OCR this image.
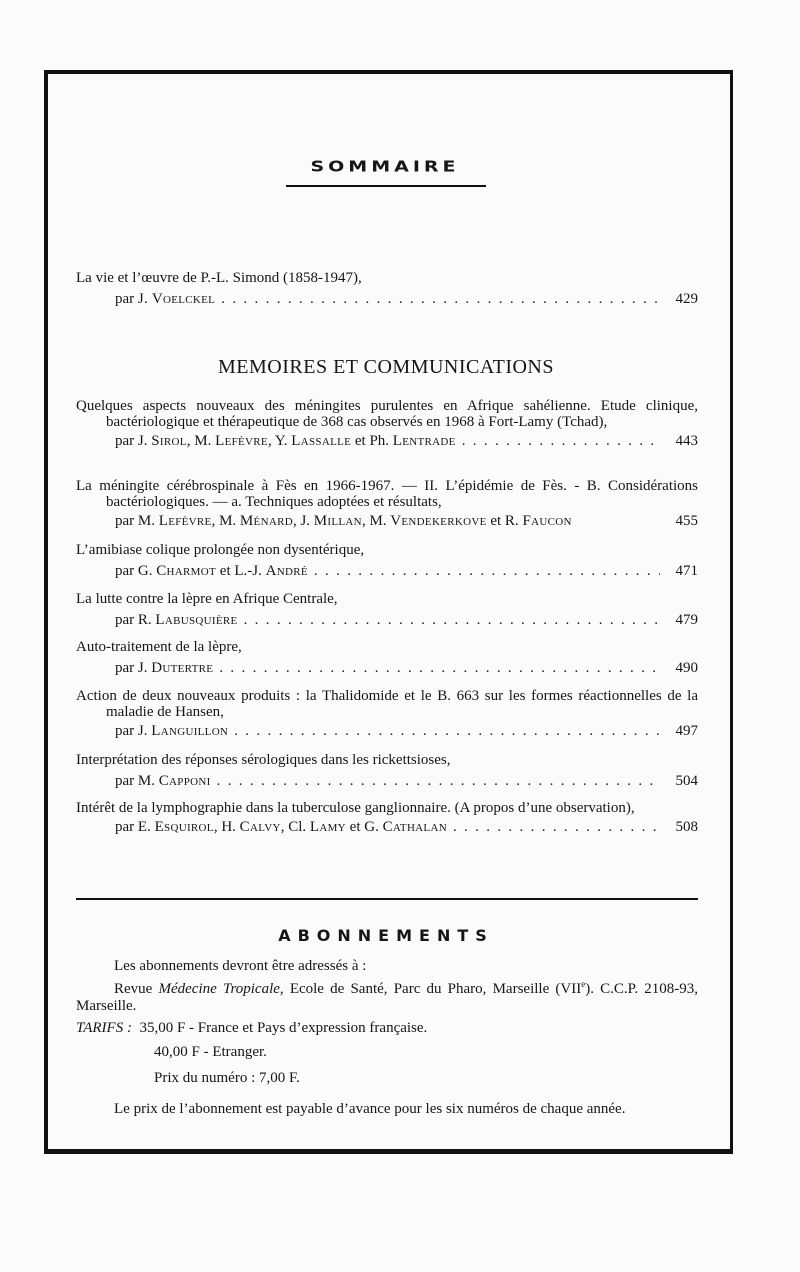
SOMMAIRE
La vie et l’œuvre de P.-L. Simond (1858-1947),
par
J. Voelckel . . .	429
MEMOIRES ET COMMUNICATIONS
Quelques aspects nouveaux des méningites purulentes en Afrique sahélienne. Etude clinique, bactériologique et thérapeutique de 368 cas observés en 1968 à Fort-Lamy (Tchad),
par
J. Sirol, M. Lefèvre, Y. Lassalle et Ph. Lentrade . . .	443
La méningite cérébrospinale à Fès en 1966-1967. — II. L’épidémie de Fès. - B. Considérations bactériologiques. — a. Techniques adoptées et résultats,
par
M. Lefèvre, M. Ménard, J. Millan, M. Vendekerkove et R. Faucon	455
L’amibiase colique prolongée non dysentérique,
par
G. Charmot et L.-J. André . . .	471
La lutte contre la lèpre en Afrique Centrale,
par
R. Labusquière . . .	479
Auto-traitement de la lèpre,
par
J. Dutertre . . .	490
Action de deux nouveaux produits : la Thalidomide et le B. 663 sur les formes réactionnelles de la maladie de Hansen,
par
J. Languillon . . .	497
Interprétation des réponses sérologiques dans les rickettsioses,
par
M. Capponi . . .	504
Intérêt de la lymphographie dans la tuberculose ganglionnaire. (A propos d’une observation),
par
E. Esquirol, H. Calvy, Cl. Lamy et G. Cathalan . . .	508
ABONNEMENTS
Les abonnements devront être adressés à :
Revue Médecine Tropicale, Ecole de Santé, Parc du Pharo, Marseille (VIIe). C.C.P. 2108-93, Marseille.
TARIFS : 35,00 F - France et Pays d’expression française.
40,00 F - Etranger.
Prix du numéro : 7,00 F.
Le prix de l’abonnement est payable d’avance pour les six numéros de chaque année.
